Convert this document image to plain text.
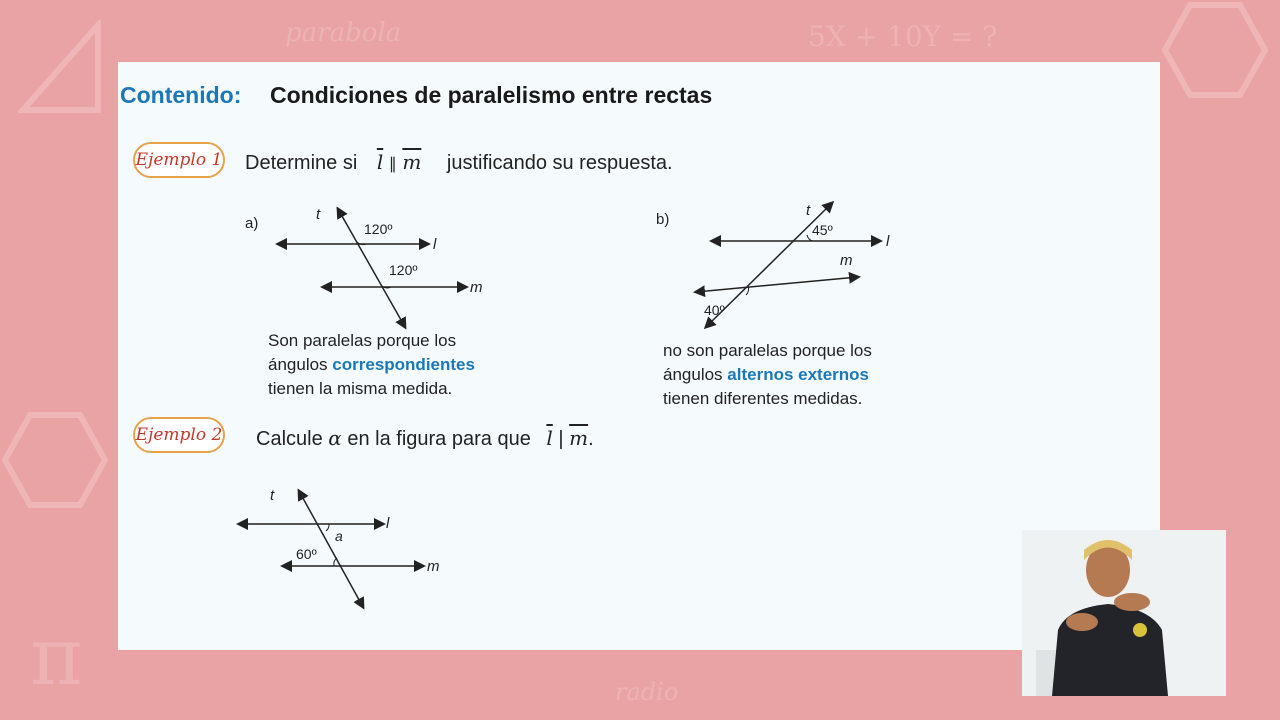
parabola	5X + 10Y = ?
radio
π
Contenido: Condiciones de paralelismo entre rectas
Ejemplo 1 Determine si $\overline{l}$ ∥ $\overline{m}$ justificando su respuesta.
a)	120º
120º
t
l
m
Son paralelas porque los
ángulos correspondientes
tienen la misma medida.
b)
45º
40º
t
l
m
no son paralelas porque los
ángulos alternos externos
tienen diferentes medidas.
Ejemplo 2 Calcule α en la figura para que $\overline{l}$ | $\overline{m}$.
a
60º
t
l
m
